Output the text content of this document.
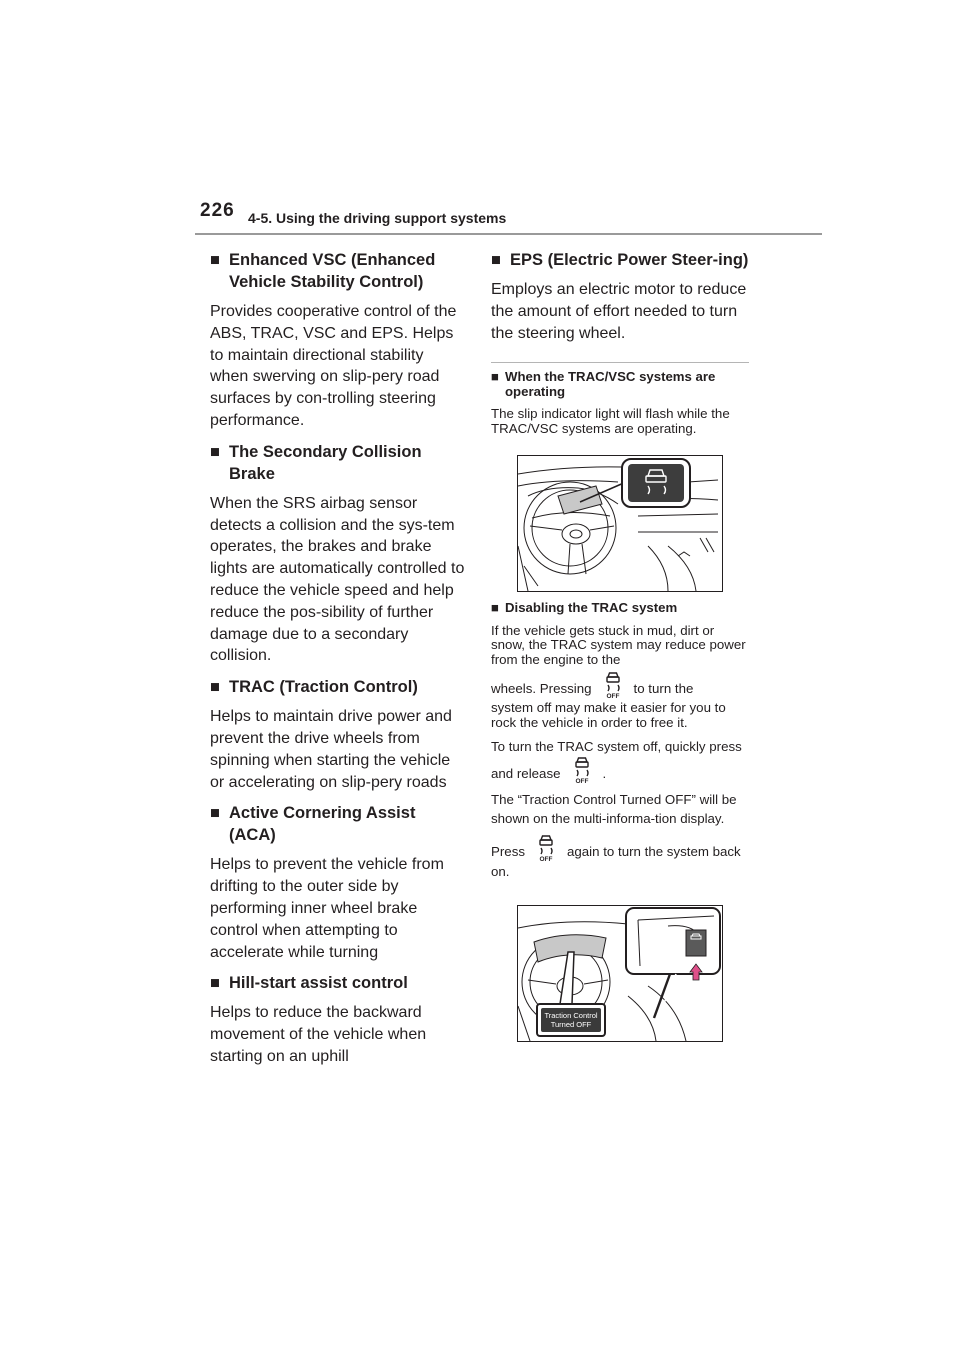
226 4-5. Using the driving support systems
■ Enhanced VSC (Enhanced Vehicle Stability Control)
Provides cooperative control of the ABS, TRAC, VSC and EPS. Helps to maintain directional stability when swerving on slip-pery road surfaces by con-trolling steering performance.
■ The Secondary Collision Brake
When the SRS airbag sensor detects a collision and the sys-tem operates, the brakes and brake lights are automatically controlled to reduce the vehicle speed and help reduce the pos-sibility of further damage due to a secondary collision.
■ TRAC (Traction Control)
Helps to maintain drive power and prevent the drive wheels from spinning when starting the vehicle or accelerating on slip-pery roads
■ Active Cornering Assist (ACA)
Helps to prevent the vehicle from drifting to the outer side by performing inner wheel brake control when attempting to accelerate while turning
■ Hill-start assist control
Helps to reduce the backward movement of the vehicle when starting on an uphill
■ EPS (Electric Power Steer-ing)
Employs an electric motor to reduce the amount of effort needed to turn the steering wheel.
■ When the TRAC/VSC systems are operating
The slip indicator light will flash while the TRAC/VSC systems are operating.
■ Disabling the TRAC system
If the vehicle gets stuck in mud, dirt or snow, the TRAC system may reduce power from the engine to the
wheels. Pressing
OFF
to turn the
system off may make it easier for you to rock the vehicle in order to free it.
To turn the TRAC system off, quickly press and release
OFF
.
The “Traction Control Turned OFF” will be shown on the multi-informa-tion display.
Press
OFF
again to turn the system back on.
Traction Control
Turned OFF
